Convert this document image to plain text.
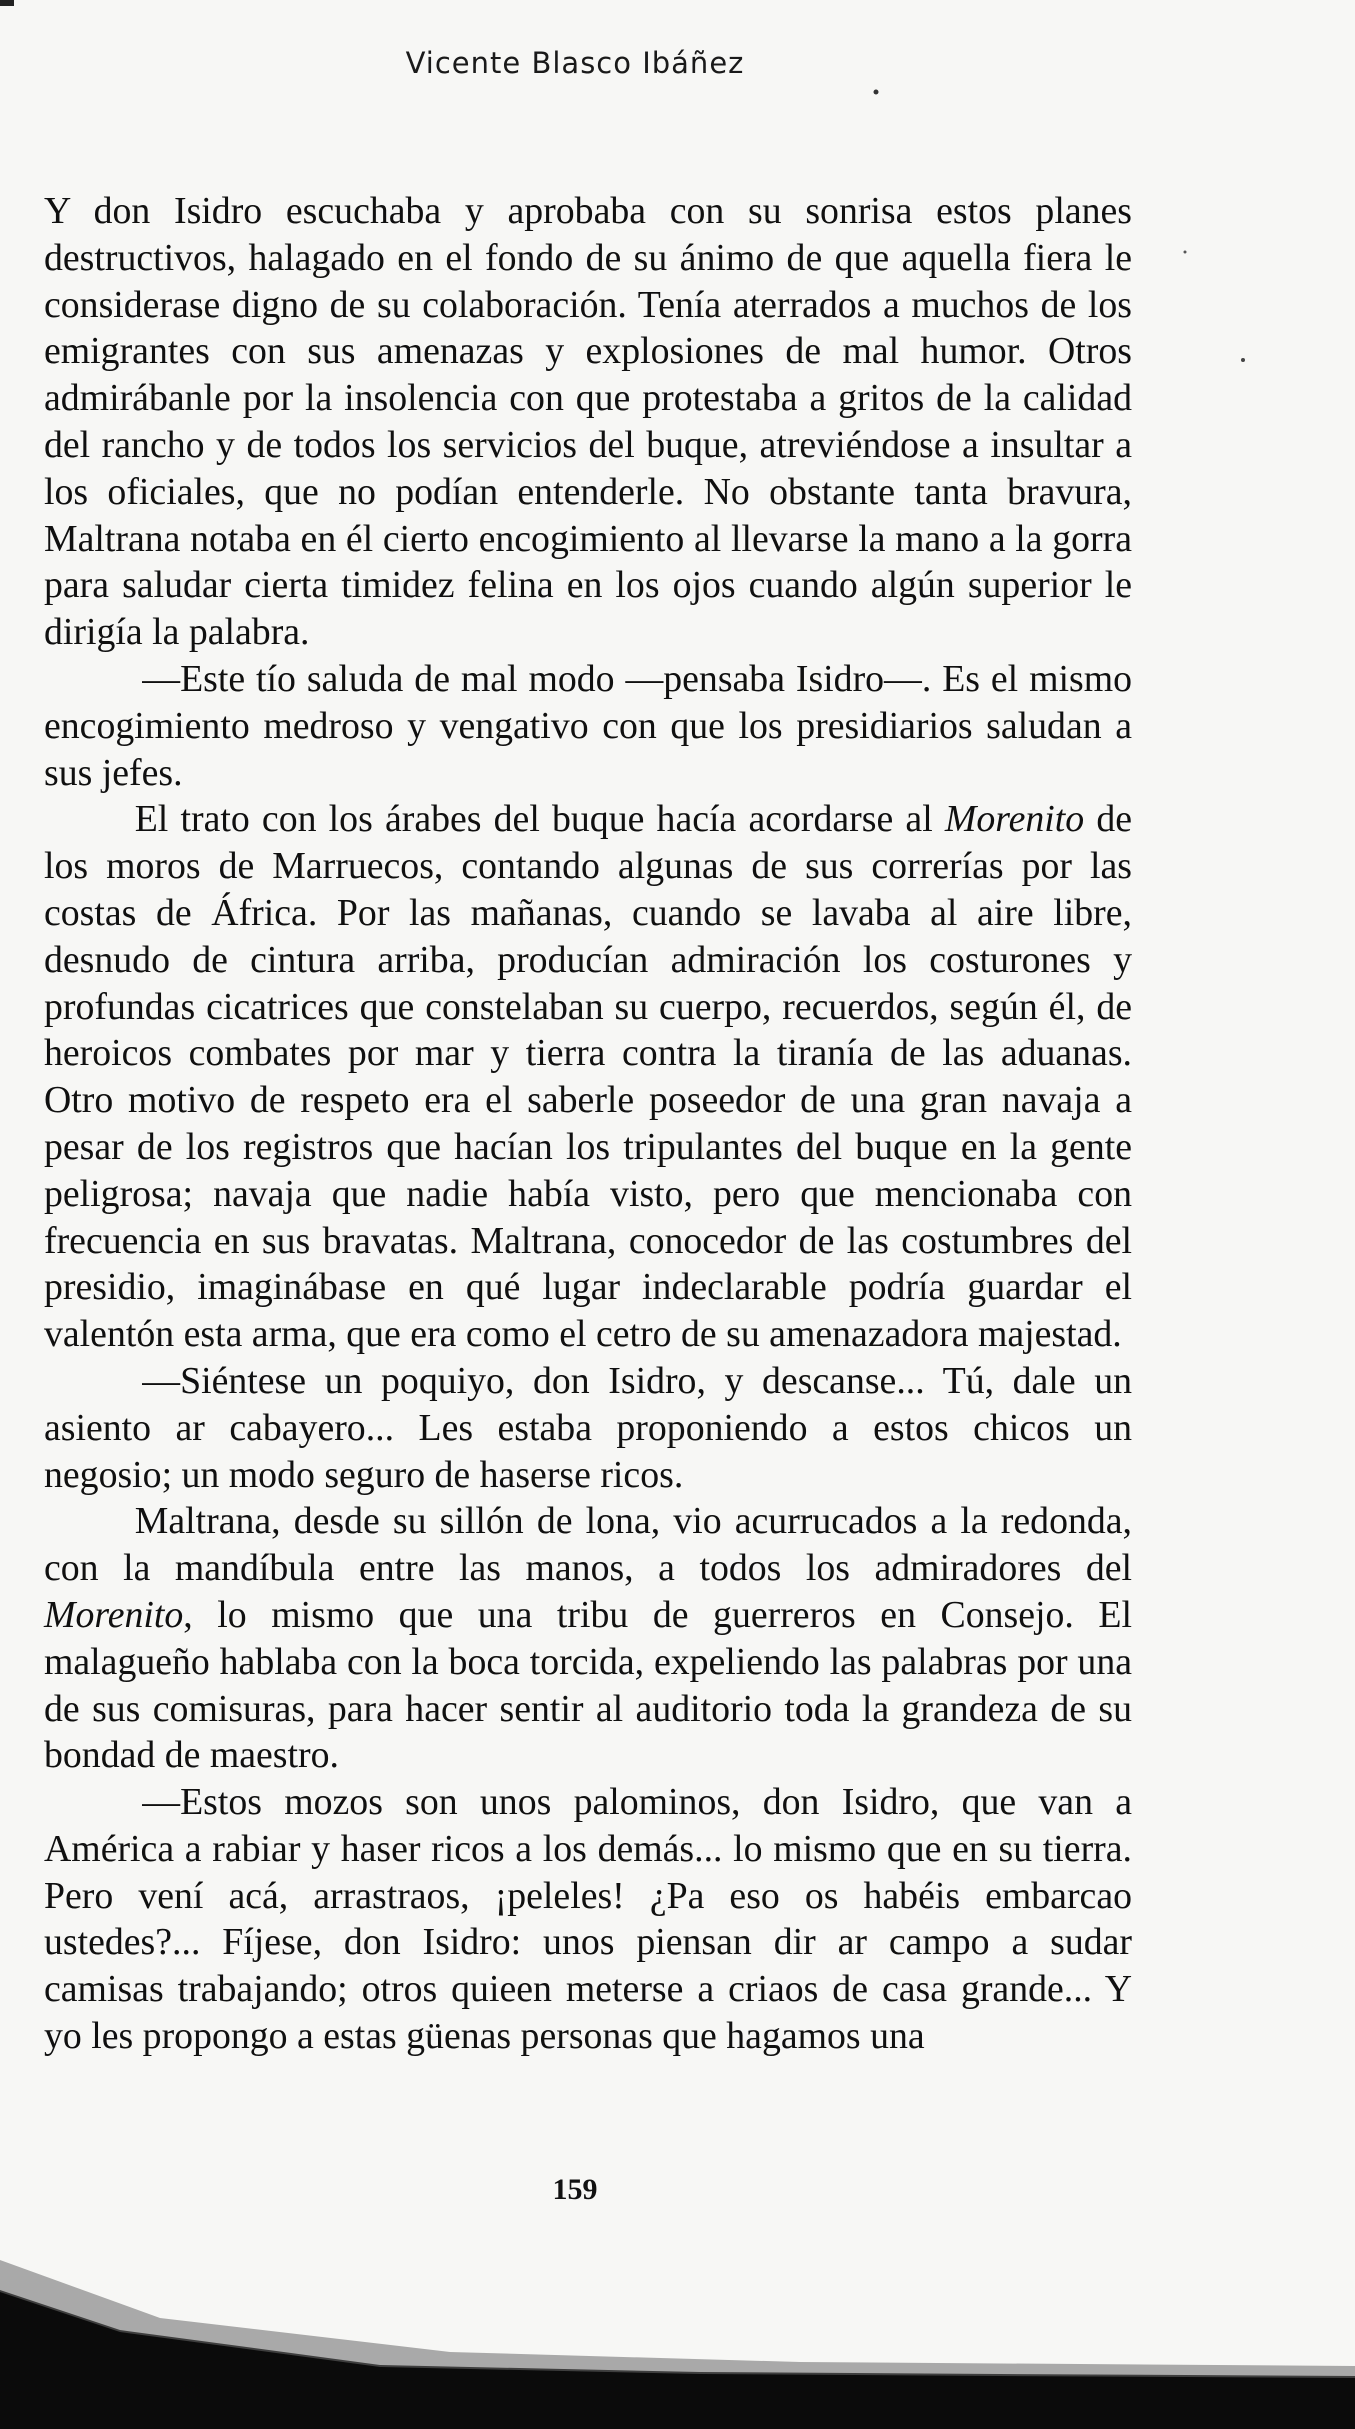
Vicente Blasco Ibáñez

Y don Isidro escuchaba y aprobaba con su sonrisa estos planes destructivos, halagado en el fondo de su ánimo de que aquella fiera le considerase digno de su colaboración. Tenía aterrados a muchos de los emigrantes con sus amenazas y explosiones de mal humor. Otros admirábanle por la insolencia con que protestaba a gritos de la calidad del rancho y de todos los servicios del buque, atreviéndose a insultar a los oficiales, que no podían entenderle. No obstante tanta bravura, Maltrana notaba en él cierto encogimiento al llevarse la mano a la gorra para saludar cierta timidez felina en los ojos cuando algún superior le dirigía la palabra.

—Este tío saluda de mal modo —pensaba Isidro—. Es el mismo encogimiento medroso y vengativo con que los presidiarios saludan a sus jefes.

El trato con los árabes del buque hacía acordarse al Morenito de los moros de Marruecos, contando algunas de sus correrías por las costas de África. Por las mañanas, cuando se lavaba al aire libre, desnudo de cintura arriba, producían admiración los costurones y profundas cicatrices que constelaban su cuerpo, recuerdos, según él, de heroicos combates por mar y tierra contra la tiranía de las aduanas. Otro motivo de respeto era el saberle poseedor de una gran navaja a pesar de los registros que hacían los tripulantes del buque en la gente peligrosa; navaja que nadie había visto, pero que mencionaba con frecuencia en sus bravatas. Maltrana, conocedor de las costumbres del presidio, imaginábase en qué lugar indeclarable podría guardar el valentón esta arma, que era como el cetro de su amenazadora majestad.

—Siéntese un poquiyo, don Isidro, y descanse... Tú, dale un asiento ar cabayero... Les estaba proponiendo a estos chicos un negosio; un modo seguro de haserse ricos.

Maltrana, desde su sillón de lona, vio acurrucados a la redonda, con la mandíbula entre las manos, a todos los admiradores del Morenito, lo mismo que una tribu de guerreros en Consejo. El malagueño hablaba con la boca torcida, expeliendo las palabras por una de sus comisuras, para hacer sentir al auditorio toda la grandeza de su bondad de maestro.

—Estos mozos son unos palominos, don Isidro, que van a América a rabiar y haser ricos a los demás... lo mismo que en su tierra. Pero vení acá, arrastraos, ¡peleles! ¿Pa eso os habéis embarcao ustedes?... Fíjese, don Isidro: unos piensan dir ar campo a sudar camisas trabajando; otros quieen meterse a criaos de casa grande... Y yo les propongo a estas güenas personas que hagamos una

159
